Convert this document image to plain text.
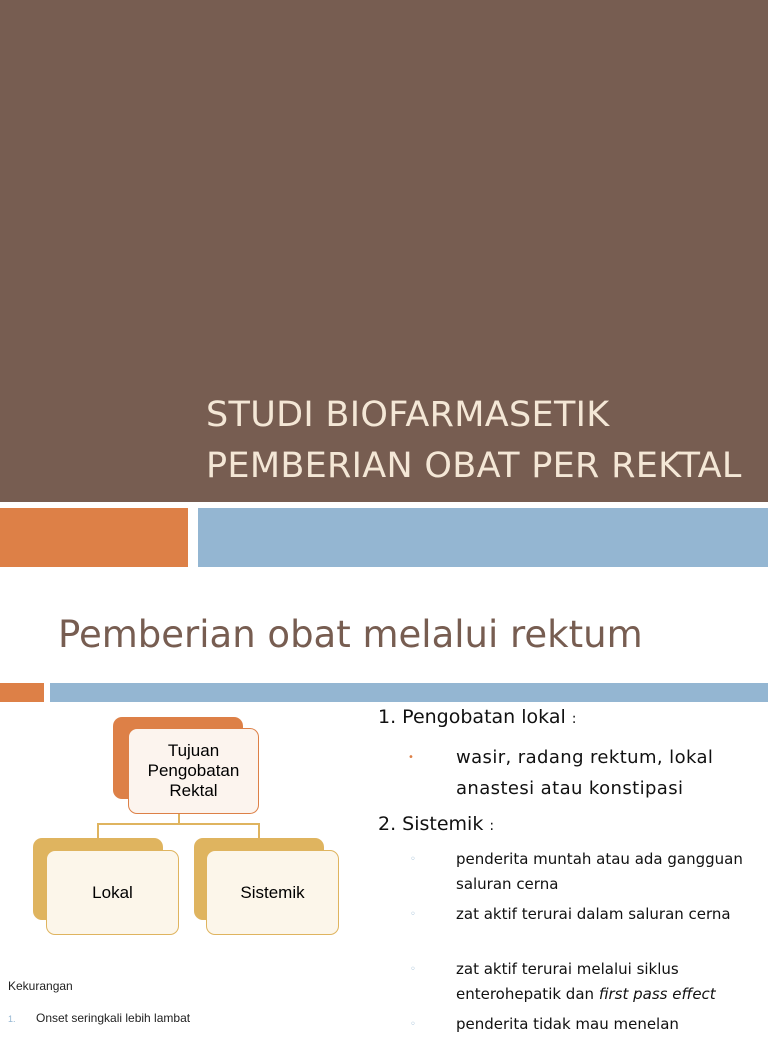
STUDI BIOFARMASETIK
PEMBERIAN OBAT PER REKTAL
Pemberian obat melalui rektum
Tujuan
Pengobatan
Rektal
Lokal	Sistemik
Kekurangan
1. Onset seringkali lebih lambat
1. Pengobatan lokal :
• wasir, radang rektum, lokal anastesi atau konstipasi
2. Sistemik :
◦	penderita muntah atau ada gangguan saluran cerna
◦	zat aktif terurai dalam saluran cerna
◦	zat aktif terurai melalui siklus enterohepatik dan first pass effect
◦	penderita tidak mau menelan
